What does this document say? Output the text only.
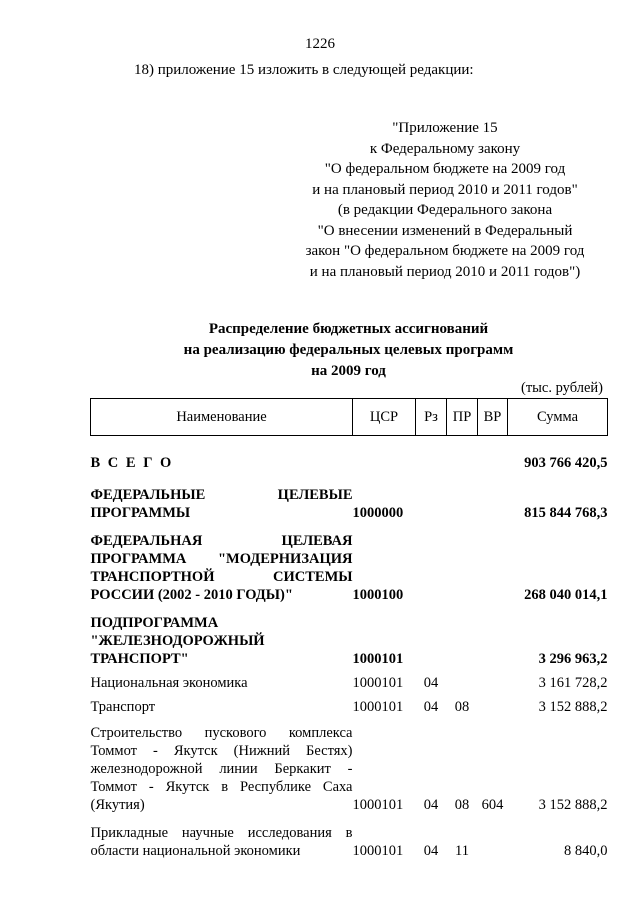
1226
18) приложение 15 изложить в следующей редакции:
"Приложение 15
к Федеральному закону
"О федеральном бюджете на 2009 год
и на плановый период 2010 и 2011 годов"
(в редакции Федерального закона
"О внесении изменений в Федеральный
закон "О федеральном бюджете на 2009 год
и на плановый период 2010 и 2011 годов")
Распределение бюджетных ассигнований
на реализацию федеральных целевых программ
на 2009 год
(тыс. рублей)
Наименование	ЦСР	Рз	ПР	ВР	Сумма

В С Е Г О					903 766 420,5

ФЕДЕРАЛЬНЫЕ ЦЕЛЕВЫЕ
ПРОГРАММЫ	1000000				815 844 768,3

ФЕДЕРАЛЬНАЯ ЦЕЛЕВАЯ
ПРОГРАММА "МОДЕРНИЗАЦИЯ
ТРАНСПОРТНОЙ СИСТЕМЫ
РОССИИ (2002 - 2010 ГОДЫ)"	1000100				268 040 014,1

ПОДПРОГРАММА
"ЖЕЛЕЗНОДОРОЖНЫЙ
ТРАНСПОРТ"	1000101				3 296 963,2

Национальная экономика	1000101	04			3 161 728,2

Транспорт	1000101	04	08		3 152 888,2

Строительство пускового комплекса
Томмот - Якутск (Нижний Бестях)
железнодорожной линии Беркакит -
Томмот - Якутск в Республике Саха
(Якутия)	1000101	04	08	604	3 152 888,2

Прикладные научные исследования в
области национальной экономики	1000101	04	11		8 840,0
